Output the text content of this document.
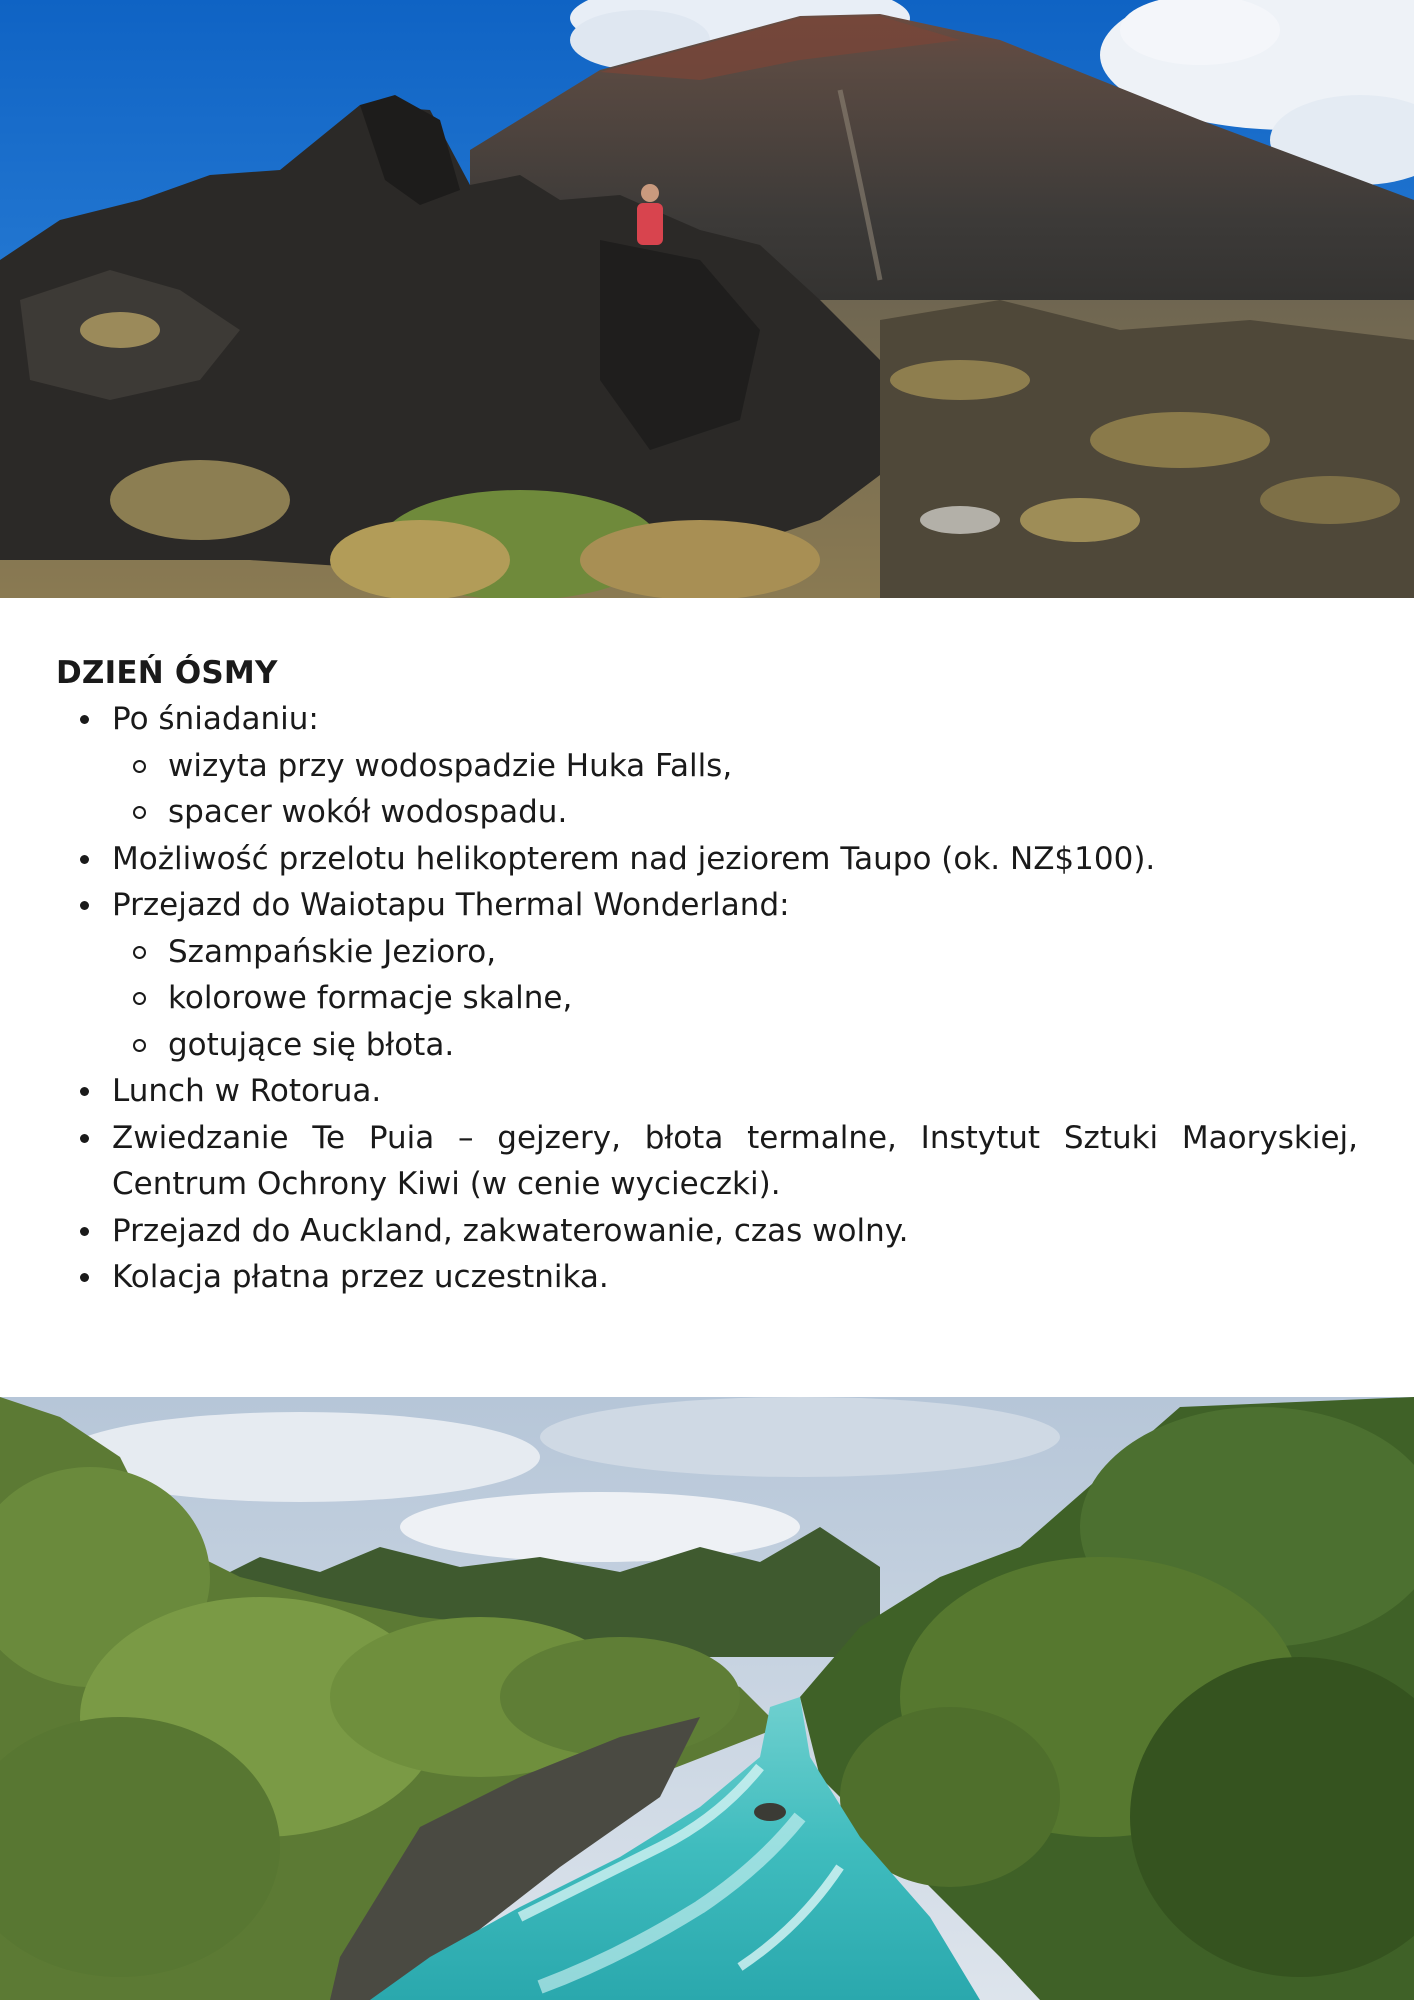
DZIEŃ ÓSMY
Po śniadaniu:
wizyta przy wodospadzie Huka Falls,
spacer wokół wodospadu.
Możliwość przelotu helikopterem nad jeziorem Taupo (ok. NZ$100).
Przejazd do Waiotapu Thermal Wonderland:
Szampańskie Jezioro,
kolorowe formacje skalne,
gotujące się błota.
Lunch w Rotorua.
Zwiedzanie Te Puia – gejzery, błota termalne, Instytut Sztuki Maoryskiej, Centrum Ochrony Kiwi (w cenie wycieczki).
Przejazd do Auckland, zakwaterowanie, czas wolny.
Kolacja płatna przez uczestnika.
